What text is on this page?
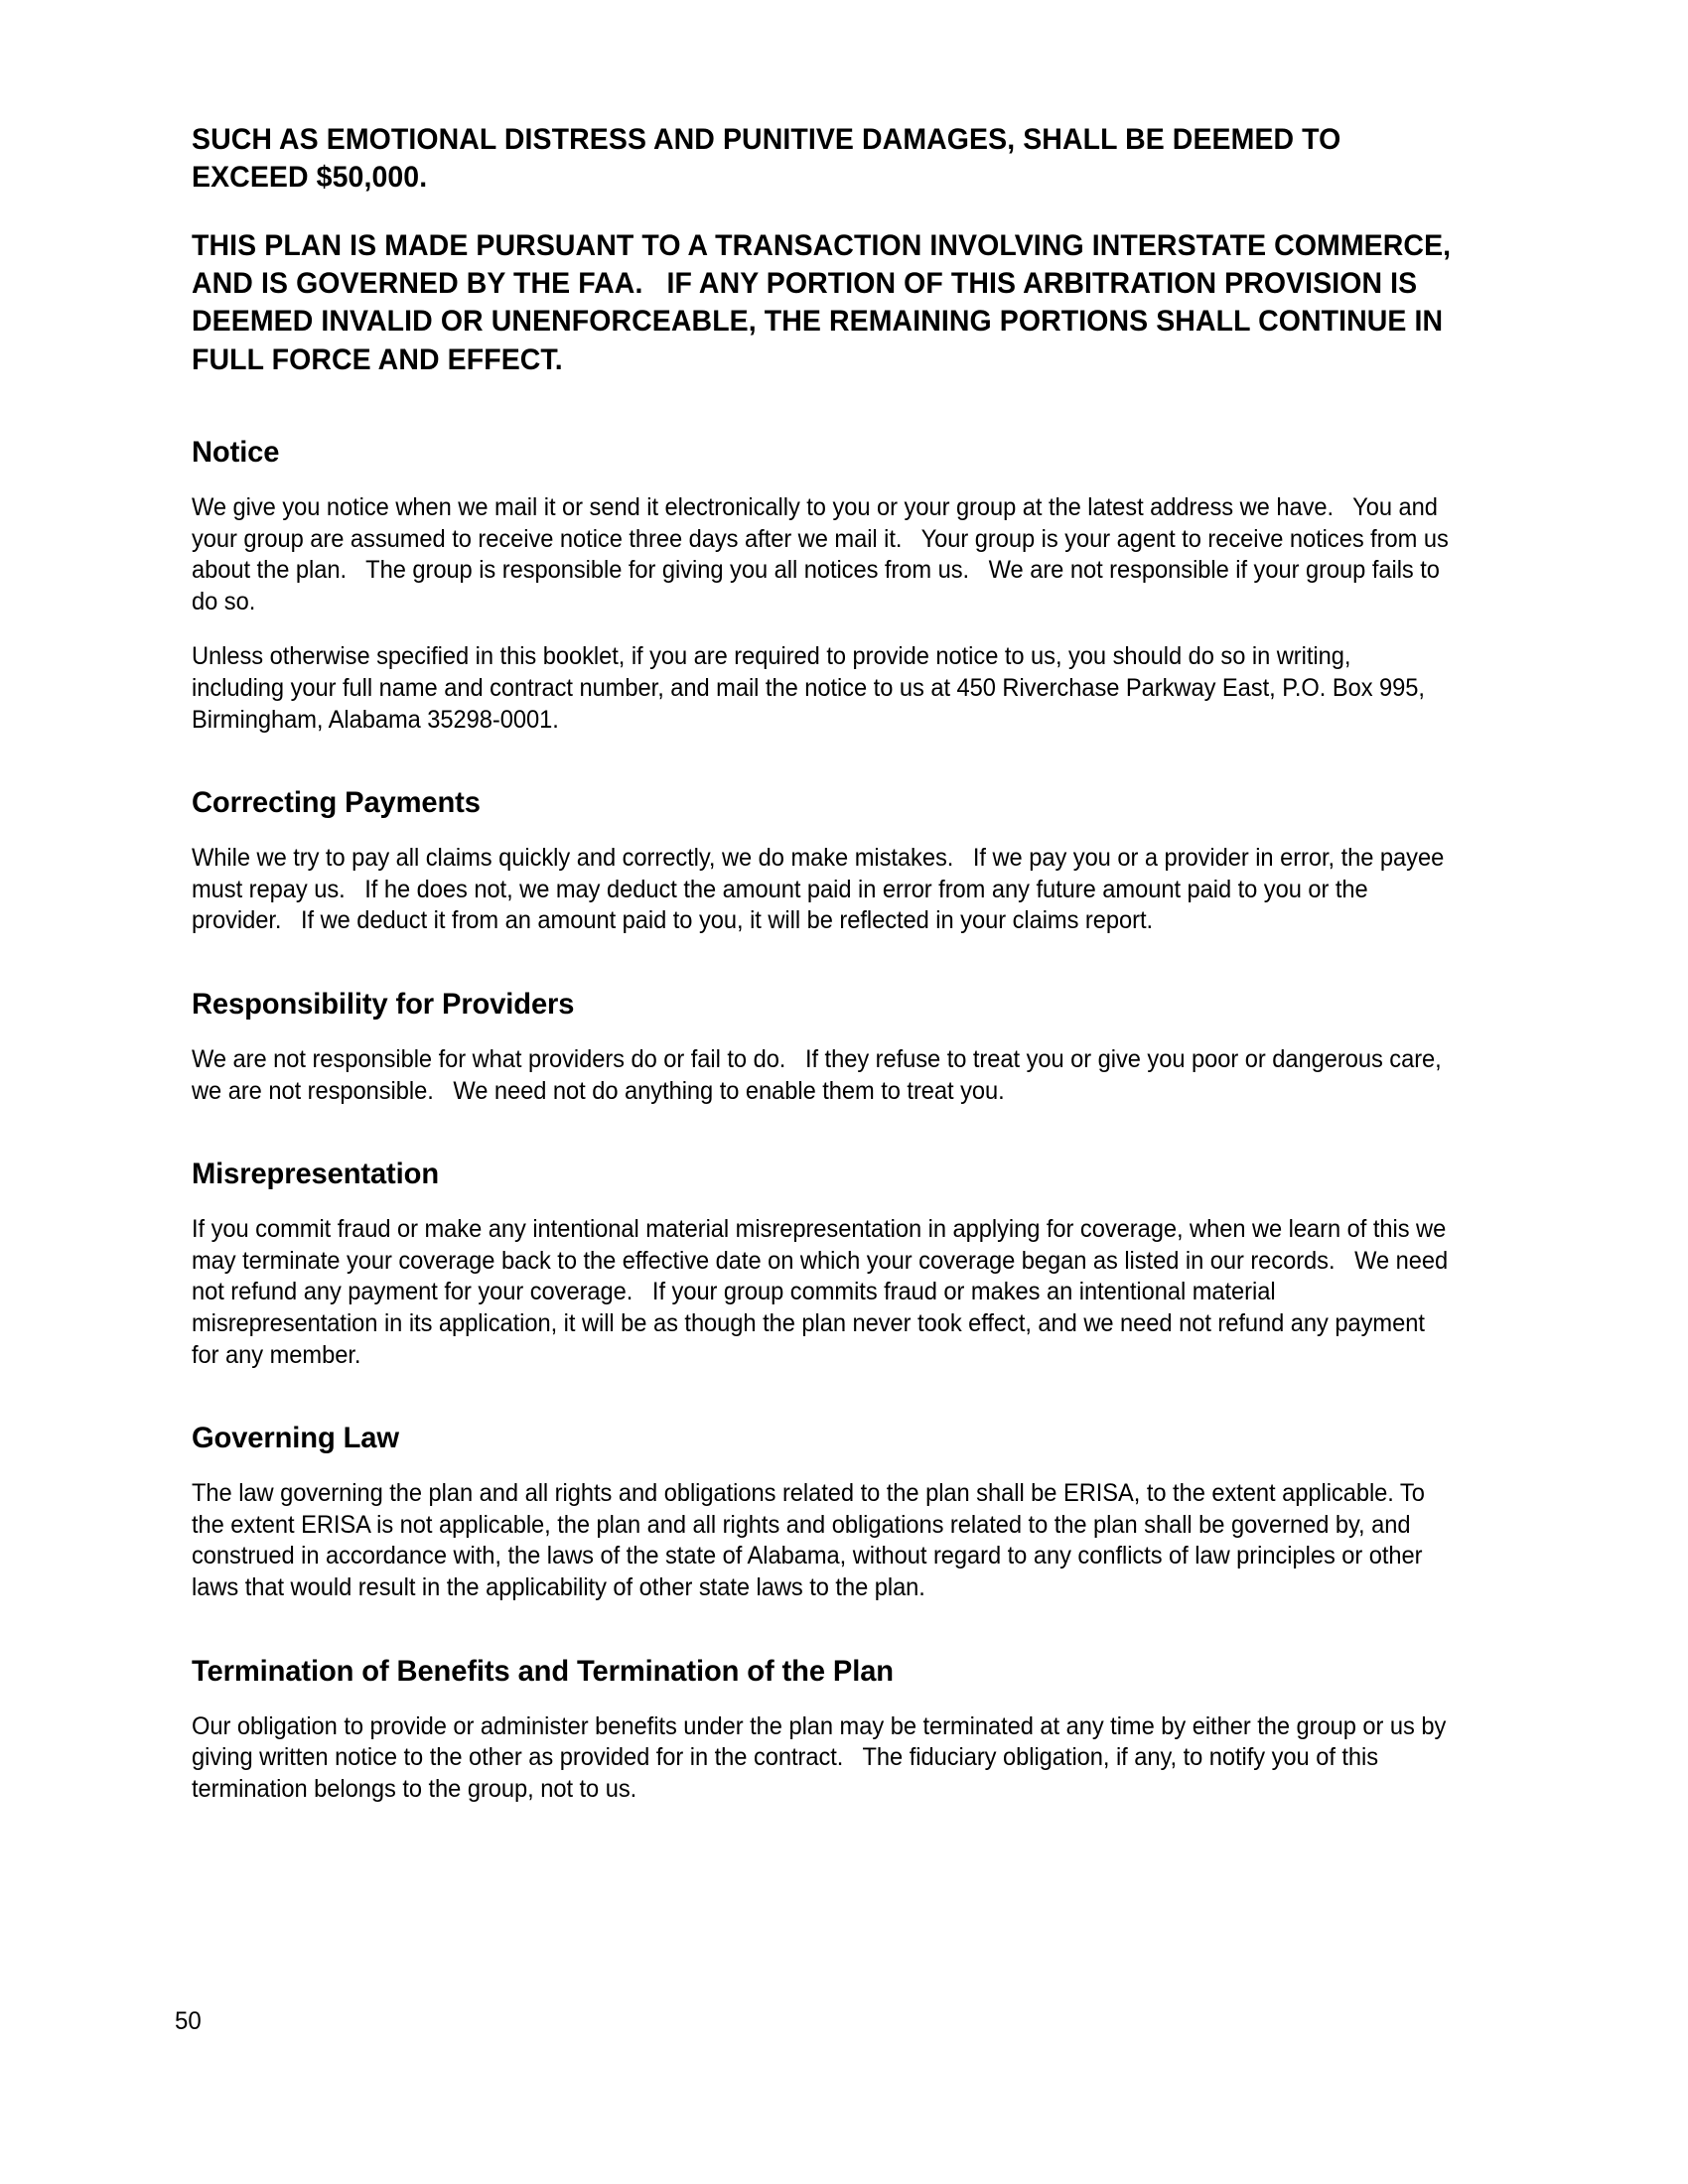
SUCH AS EMOTIONAL DISTRESS AND PUNITIVE DAMAGES, SHALL BE DEEMED TO EXCEED $50,000.

THIS PLAN IS MADE PURSUANT TO A TRANSACTION INVOLVING INTERSTATE COMMERCE, AND IS GOVERNED BY THE FAA.   IF ANY PORTION OF THIS ARBITRATION PROVISION IS DEEMED INVALID OR UNENFORCEABLE, THE REMAINING PORTIONS SHALL CONTINUE IN FULL FORCE AND EFFECT.

Notice

We give you notice when we mail it or send it electronically to you or your group at the latest address we have.   You and your group are assumed to receive notice three days after we mail it.   Your group is your agent to receive notices from us about the plan.   The group is responsible for giving you all notices from us.   We are not responsible if your group fails to do so.

Unless otherwise specified in this booklet, if you are required to provide notice to us, you should do so in writing, including your full name and contract number, and mail the notice to us at 450 Riverchase Parkway East, P.O. Box 995, Birmingham, Alabama 35298-0001.

Correcting Payments

While we try to pay all claims quickly and correctly, we do make mistakes.   If we pay you or a provider in error, the payee must repay us.   If he does not, we may deduct the amount paid in error from any future amount paid to you or the provider.   If we deduct it from an amount paid to you, it will be reflected in your claims report.

Responsibility for Providers

We are not responsible for what providers do or fail to do.   If they refuse to treat you or give you poor or dangerous care, we are not responsible.   We need not do anything to enable them to treat you.

Misrepresentation

If you commit fraud or make any intentional material misrepresentation in applying for coverage, when we learn of this we may terminate your coverage back to the effective date on which your coverage began as listed in our records.   We need not refund any payment for your coverage.   If your group commits fraud or makes an intentional material misrepresentation in its application, it will be as though the plan never took effect, and we need not refund any payment for any member.

Governing Law

The law governing the plan and all rights and obligations related to the plan shall be ERISA, to the extent applicable. To the extent ERISA is not applicable, the plan and all rights and obligations related to the plan shall be governed by, and construed in accordance with, the laws of the state of Alabama, without regard to any conflicts of law principles or other laws that would result in the applicability of other state laws to the plan.

Termination of Benefits and Termination of the Plan

Our obligation to provide or administer benefits under the plan may be terminated at any time by either the group or us by giving written notice to the other as provided for in the contract.   The fiduciary obligation, if any, to notify you of this termination belongs to the group, not to us.

50
